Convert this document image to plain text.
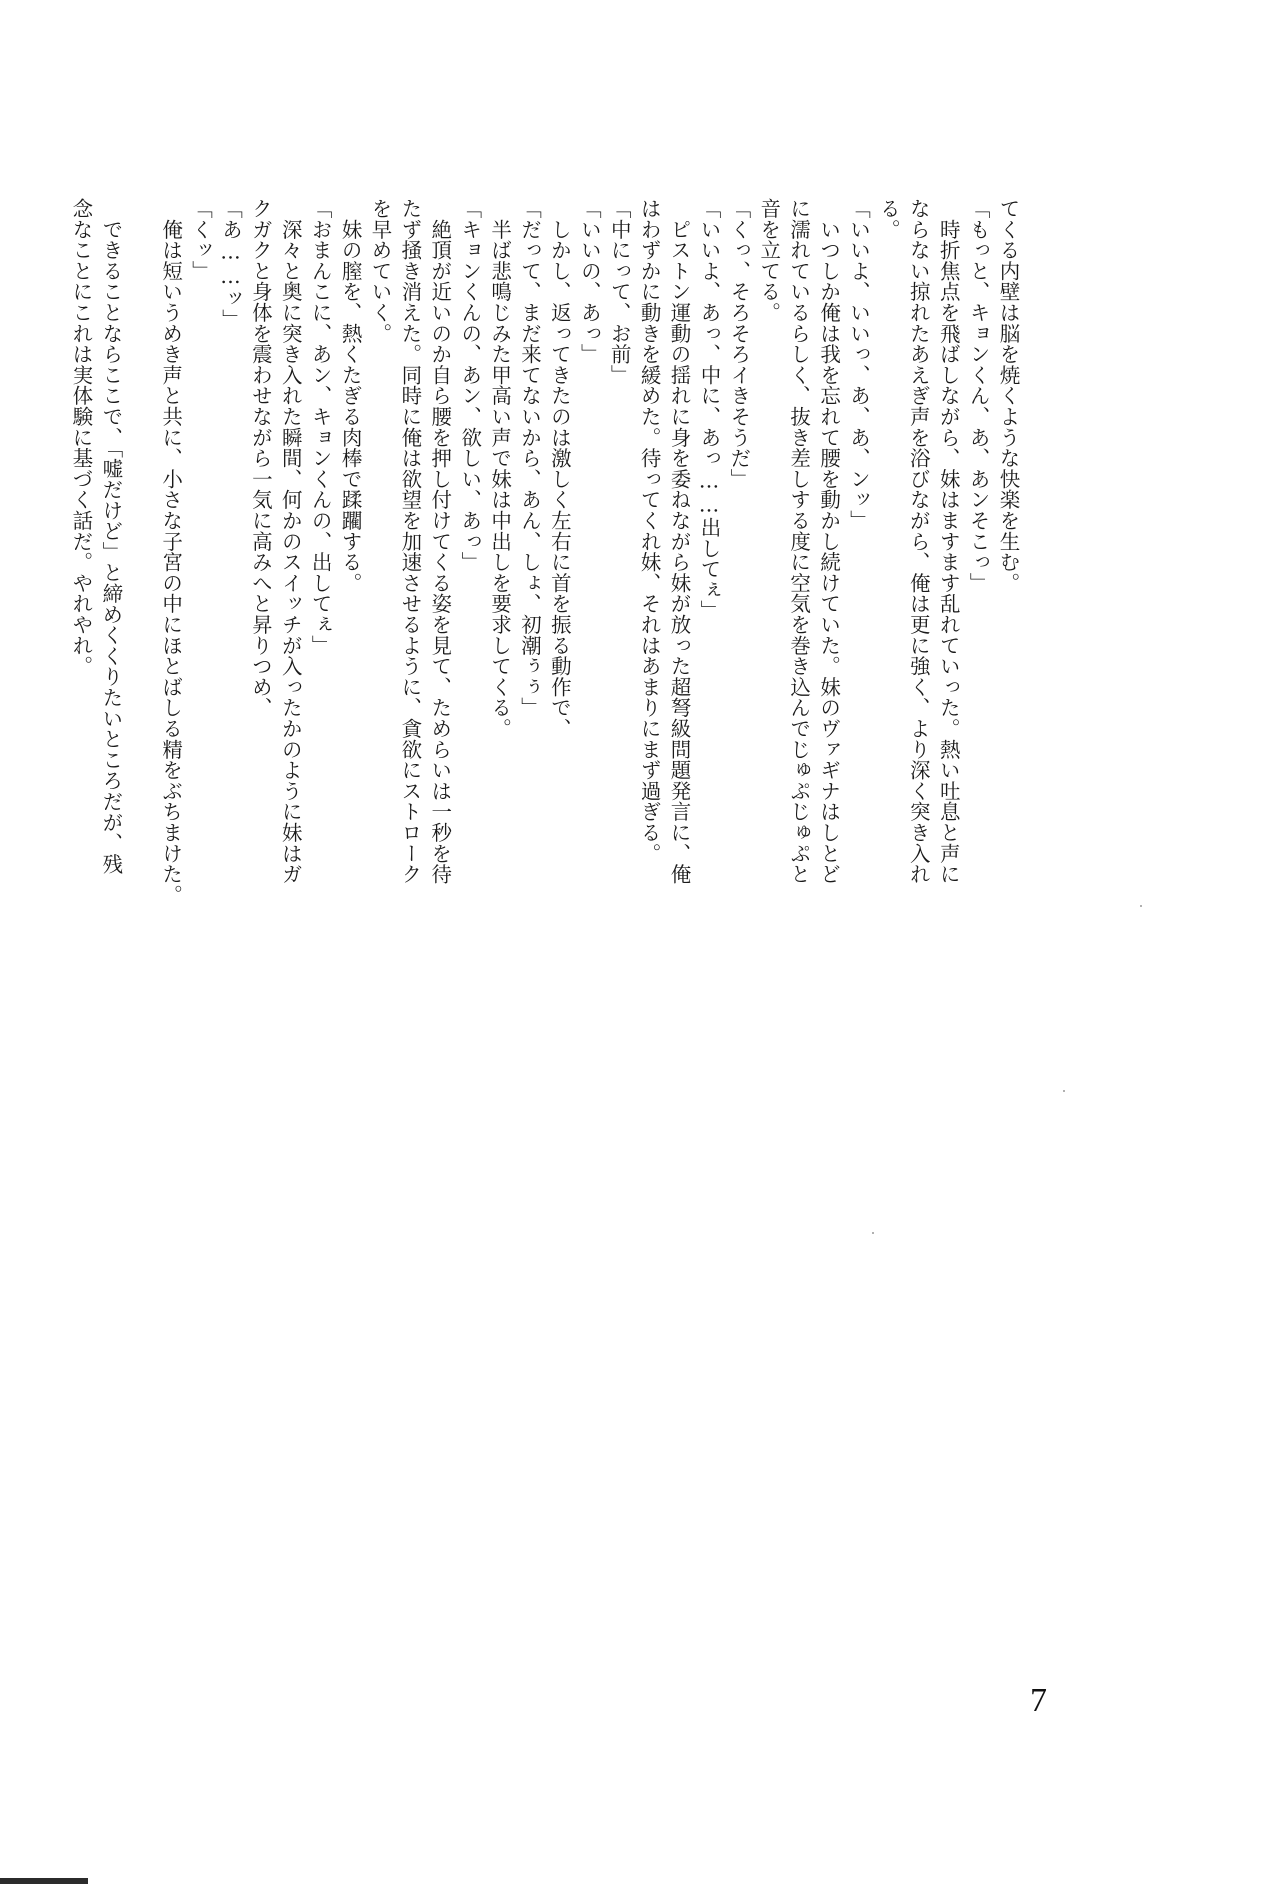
てくる内壁は脳を焼くような快楽を生む。
「もっと、キョンくん、あ、あンそこっ」
　時折焦点を飛ばしながら、妹はますます乱れていった。熱い吐息と声に
ならない掠れたあえぎ声を浴びながら、俺は更に強く、より深く突き入れ
る。
「いいよ、いいっ、あ、あ、ンッ」
　いつしか俺は我を忘れて腰を動かし続けていた。妹のヴァギナはしとど
に濡れているらしく、抜き差しする度に空気を巻き込んでじゅぷじゅぷと
音を立てる。
「くっ、そろそろイきそうだ」
「いいよ、あっ、中に、あっ……出してぇ」
　ピストン運動の揺れに身を委ねながら妹が放った超弩級問題発言に、俺
はわずかに動きを緩めた。待ってくれ妹、それはあまりにまず過ぎる。
「中にって、お前」
「いいの、あっ」
　しかし、返ってきたのは激しく左右に首を振る動作で、
「だって、まだ来てないから、あん、しょ、初潮ぅぅ」
　半ば悲鳴じみた甲高い声で妹は中出しを要求してくる。
「キョンくんの、あン、欲しい、あっ」
　絶頂が近いのか自ら腰を押し付けてくる姿を見て、ためらいは一秒を待
たず掻き消えた。同時に俺は欲望を加速させるように、貪欲にストローク
を早めていく。
　妹の膣を、熱くたぎる肉棒で蹂躙する。
「おまんこに、あン、キョンくんの、出してぇ」
　深々と奥に突き入れた瞬間、何かのスイッチが入ったかのように妹はガ
クガクと身体を震わせながら一気に高みへと昇りつめ、
「あ……ッ」
「くッ」
　俺は短いうめき声と共に、小さな子宮の中にほとばしる精をぶちまけた。

　できることならここで、「嘘だけど」と締めくくりたいところだが、残
念なことにこれは実体験に基づく話だ。やれやれ。
7
